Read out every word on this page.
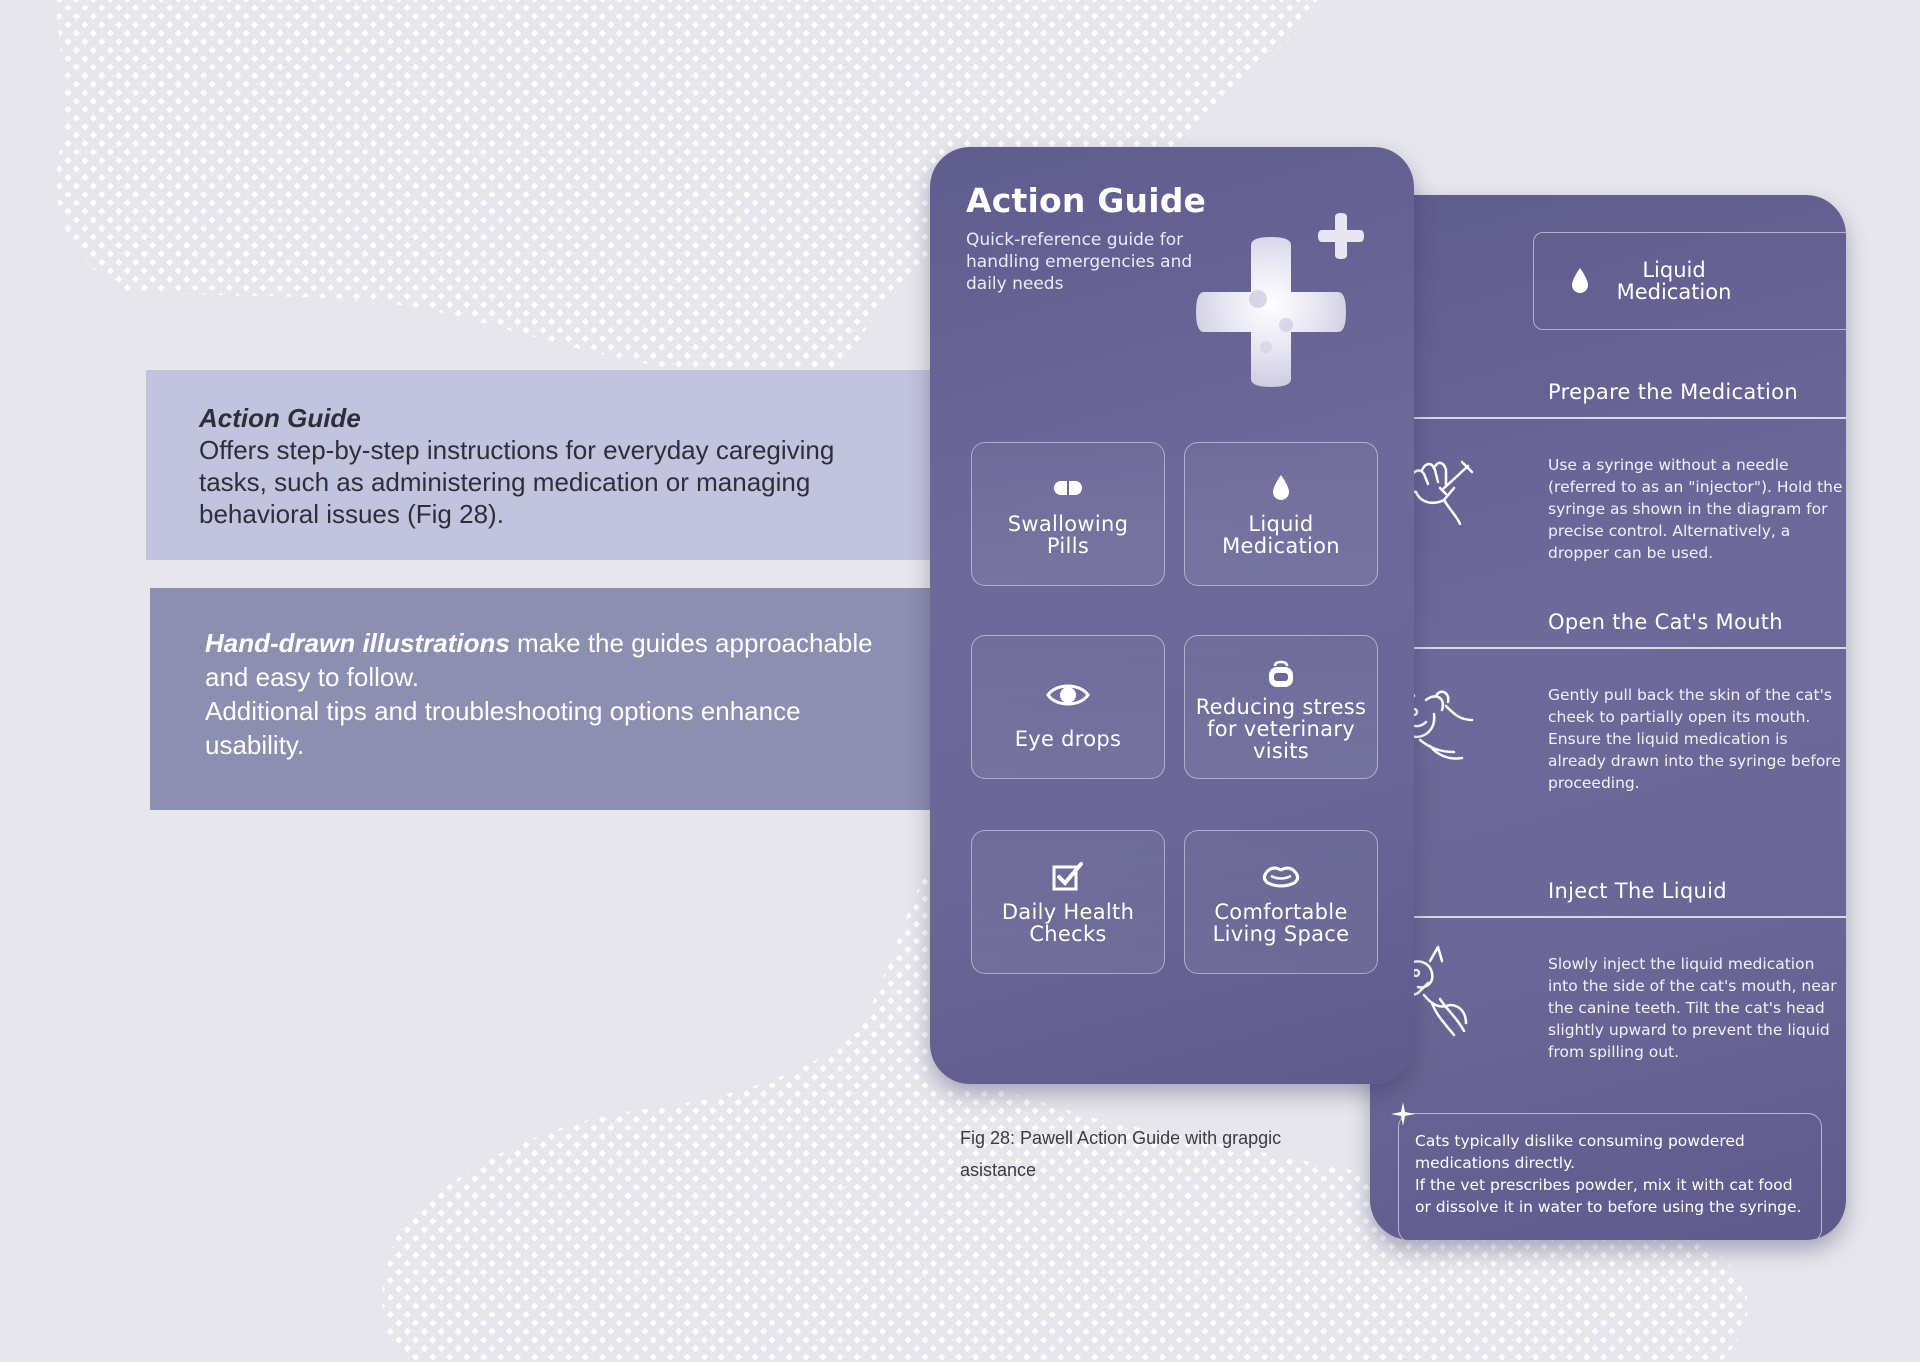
Action Guide

Offers step-by-step instructions for everyday caregiving tasks, such as administering medication or managing behavioral issues (Fig 28).

Hand-drawn illustrations make the guides approachable and easy to follow.

Additional tips and troubleshooting options enhance usability.

Liquid
Medication
Prepare the Medication

Use a syringe without a needle (referred to as an "injector"). Hold the syringe as shown in the diagram for precise control. Alternatively, a dropper can be used.

Open the Cat's Mouth

Gently pull back the skin of the cat's cheek to partially open its mouth. Ensure the liquid medication is already drawn into the syringe before proceeding.

Inject The Liquid

Slowly inject the liquid medication into the side of the cat's mouth, near the canine teeth. Tilt the cat's head slightly upward to prevent the liquid from spilling out.

Cats typically dislike consuming powdered medications directly.
If the vet prescribes powder, mix it with cat food or dissolve it in water to before using the syringe.
Action Guide
Quick-reference guide for handling emergencies and daily needs
Swallowing
Pills
Liquid
Medication
Eye drops
Reducing stress
for veterinary
visits
Daily Health
Checks
Comfortable
Living Space

Fig 28: Pawell Action Guide with grapgic asistance
